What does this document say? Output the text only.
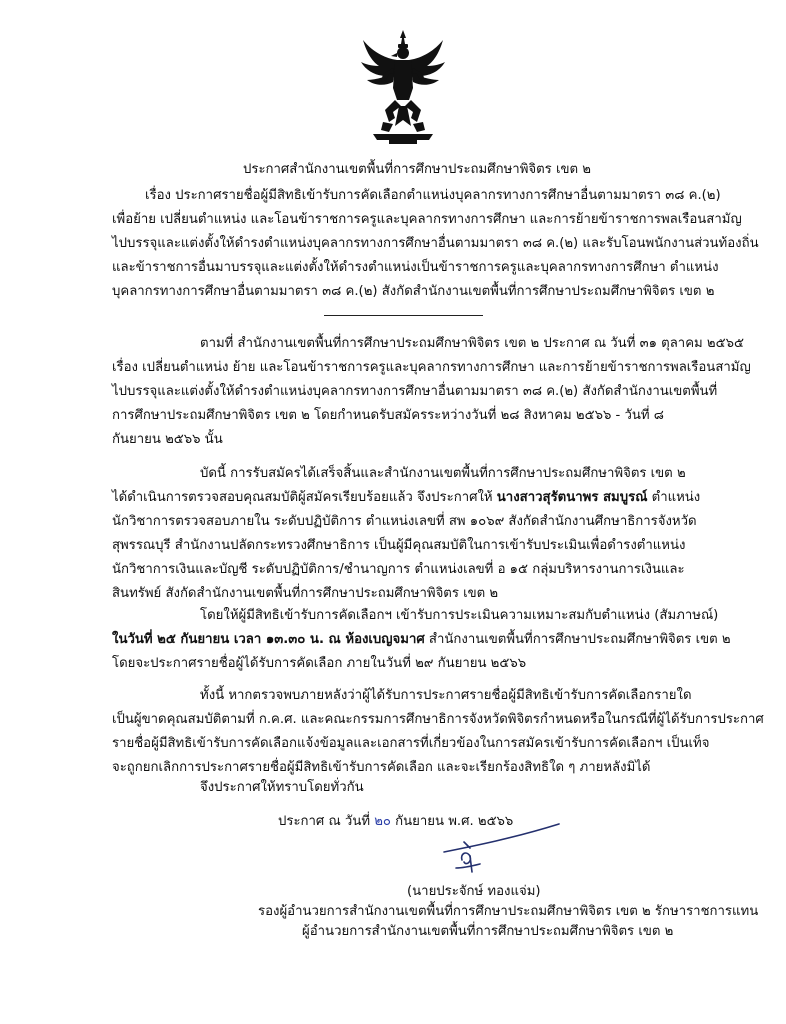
ประกาศสำนักงานเขตพื้นที่การศึกษาประถมศึกษาพิจิตร เขต ๒
เรื่อง ประกาศรายชื่อผู้มีสิทธิเข้ารับการคัดเลือกตำแหน่งบุคลากรทางการศึกษาอื่นตามมาตรา ๓๘ ค.(๒)
เพื่อย้าย เปลี่ยนตำแหน่ง และโอนข้าราชการครูและบุคลากรทางการศึกษา และการย้ายข้าราชการพลเรือนสามัญ
ไปบรรจุและแต่งตั้งให้ดำรงตำแหน่งบุคลากรทางการศึกษาอื่นตามมาตรา ๓๘ ค.(๒) และรับโอนพนักงานส่วนท้องถิ่น
และข้าราชการอื่นมาบรรจุและแต่งตั้งให้ดำรงตำแหน่งเป็นข้าราชการครูและบุคลากรทางการศึกษา ตำแหน่ง
บุคลากรทางการศึกษาอื่นตามมาตรา ๓๘ ค.(๒) สังกัดสำนักงานเขตพื้นที่การศึกษาประถมศึกษาพิจิตร เขต ๒
ตามที่ สำนักงานเขตพื้นที่การศึกษาประถมศึกษาพิจิตร เขต ๒ ประกาศ ณ วันที่ ๓๑ ตุลาคม ๒๕๖๕
เรื่อง เปลี่ยนตำแหน่ง ย้าย และโอนข้าราชการครูและบุคลากรทางการศึกษา และการย้ายข้าราชการพลเรือนสามัญ
ไปบรรจุและแต่งตั้งให้ดำรงตำแหน่งบุคลากรทางการศึกษาอื่นตามมาตรา ๓๘ ค.(๒) สังกัดสำนักงานเขตพื้นที่
การศึกษาประถมศึกษาพิจิตร เขต ๒ โดยกำหนดรับสมัครระหว่างวันที่ ๒๘ สิงหาคม ๒๕๖๖ - วันที่ ๘
กันยายน ๒๕๖๖ นั้น
บัดนี้ การรับสมัครได้เสร็จสิ้นและสำนักงานเขตพื้นที่การศึกษาประถมศึกษาพิจิตร เขต ๒
ได้ดำเนินการตรวจสอบคุณสมบัติผู้สมัครเรียบร้อยแล้ว จึงประกาศให้ นางสาวสุรัตนาพร สมบูรณ์ ตำแหน่ง
นักวิชาการตรวจสอบภายใน ระดับปฏิบัติการ ตำแหน่งเลขที่ สพ ๑๐๖๙ สังกัดสำนักงานศึกษาธิการจังหวัด
สุพรรณบุรี สำนักงานปลัดกระทรวงศึกษาธิการ เป็นผู้มีคุณสมบัติในการเข้ารับประเมินเพื่อดำรงตำแหน่ง
นักวิชาการเงินและบัญชี ระดับปฏิบัติการ/ชำนาญการ ตำแหน่งเลขที่ อ ๑๕ กลุ่มบริหารงานการเงินและ
สินทรัพย์ สังกัดสำนักงานเขตพื้นที่การศึกษาประถมศึกษาพิจิตร เขต ๒
โดยให้ผู้มีสิทธิเข้ารับการคัดเลือกฯ เข้ารับการประเมินความเหมาะสมกับตำแหน่ง (สัมภาษณ์)
ในวันที่ ๒๕ กันยายน เวลา ๑๓.๓๐ น. ณ ห้องเบญจมาศ สำนักงานเขตพื้นที่การศึกษาประถมศึกษาพิจิตร เขต ๒
โดยจะประกาศรายชื่อผู้ได้รับการคัดเลือก ภายในวันที่ ๒๙ กันยายน ๒๕๖๖
ทั้งนี้ หากตรวจพบภายหลังว่าผู้ได้รับการประกาศรายชื่อผู้มีสิทธิเข้ารับการคัดเลือกรายใด
เป็นผู้ขาดคุณสมบัติตามที่ ก.ค.ศ. และคณะกรรมการศึกษาธิการจังหวัดพิจิตรกำหนดหรือในกรณีที่ผู้ได้รับการประกาศ
รายชื่อผู้มีสิทธิเข้ารับการคัดเลือกแจ้งข้อมูลและเอกสารที่เกี่ยวข้องในการสมัครเข้ารับการคัดเลือกฯ เป็นเท็จ
จะถูกยกเลิกการประกาศรายชื่อผู้มีสิทธิเข้ารับการคัดเลือก และจะเรียกร้องสิทธิใด ๆ ภายหลังมิได้
จึงประกาศให้ทราบโดยทั่วกัน
ประกาศ ณ วันที่ ๒๐ กันยายน พ.ศ. ๒๕๖๖
(นายประจักษ์ ทองแจ่ม)
รองผู้อำนวยการสำนักงานเขตพื้นที่การศึกษาประถมศึกษาพิจิตร เขต ๒ รักษาราชการแทน
ผู้อำนวยการสำนักงานเขตพื้นที่การศึกษาประถมศึกษาพิจิตร เขต ๒
